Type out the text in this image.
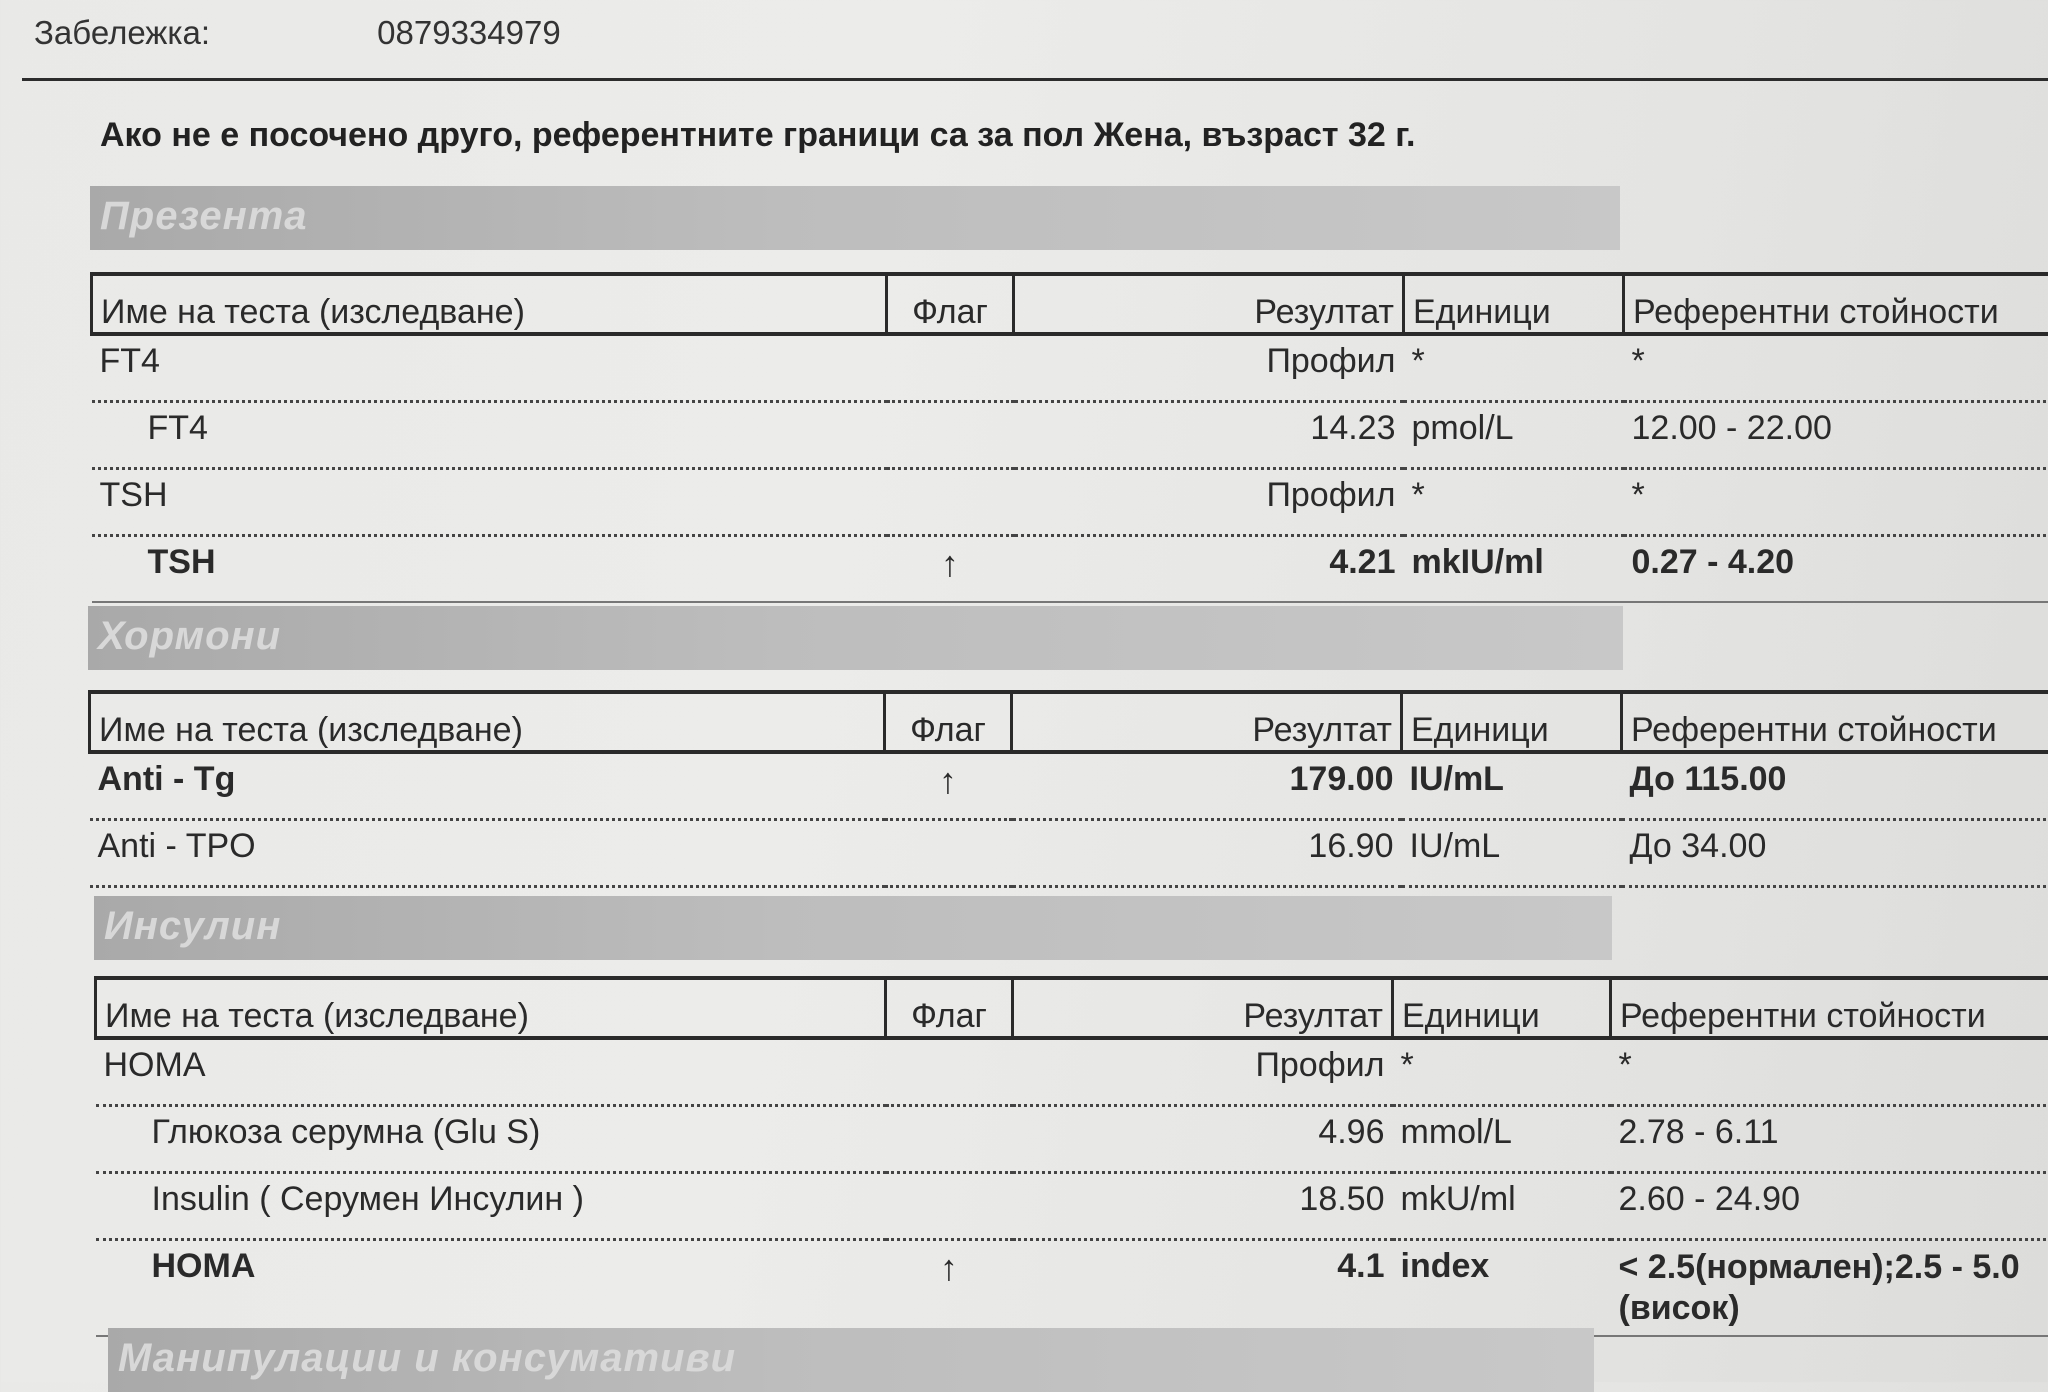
Забележка:	0879334979
Ако не е посочено друго, референтните граници са за пол Жена, възраст 32 г.
Презента
Име на теста (изследване)	Флаг	Резултат	Единици	Референтни стойности
FT4		Профил	*	*
FT4		14.23	pmol/L	12.00 - 22.00
TSH		Профил	*	*
TSH	↑	4.21	mkIU/ml	0.27 - 4.20
Хормони
Име на теста (изследване)	Флаг	Резултат	Единици	Референтни стойности
Anti - Tg	↑	179.00	IU/mL	До 115.00
Anti - TPO		16.90	IU/mL	До 34.00
Инсулин
Име на теста (изследване)	Флаг	Резултат	Единици	Референтни стойности
HOMA		Профил	*	*
Глюкоза серумна (Glu S)		4.96	mmol/L	2.78 - 6.11
Insulin ( Серумен Инсулин )		18.50	mkU/ml	2.60 - 24.90
HOMA	↑	4.1	index	< 2.5(нормален);2.5 - 5.0 (висок)
Манипулации и консумативи
